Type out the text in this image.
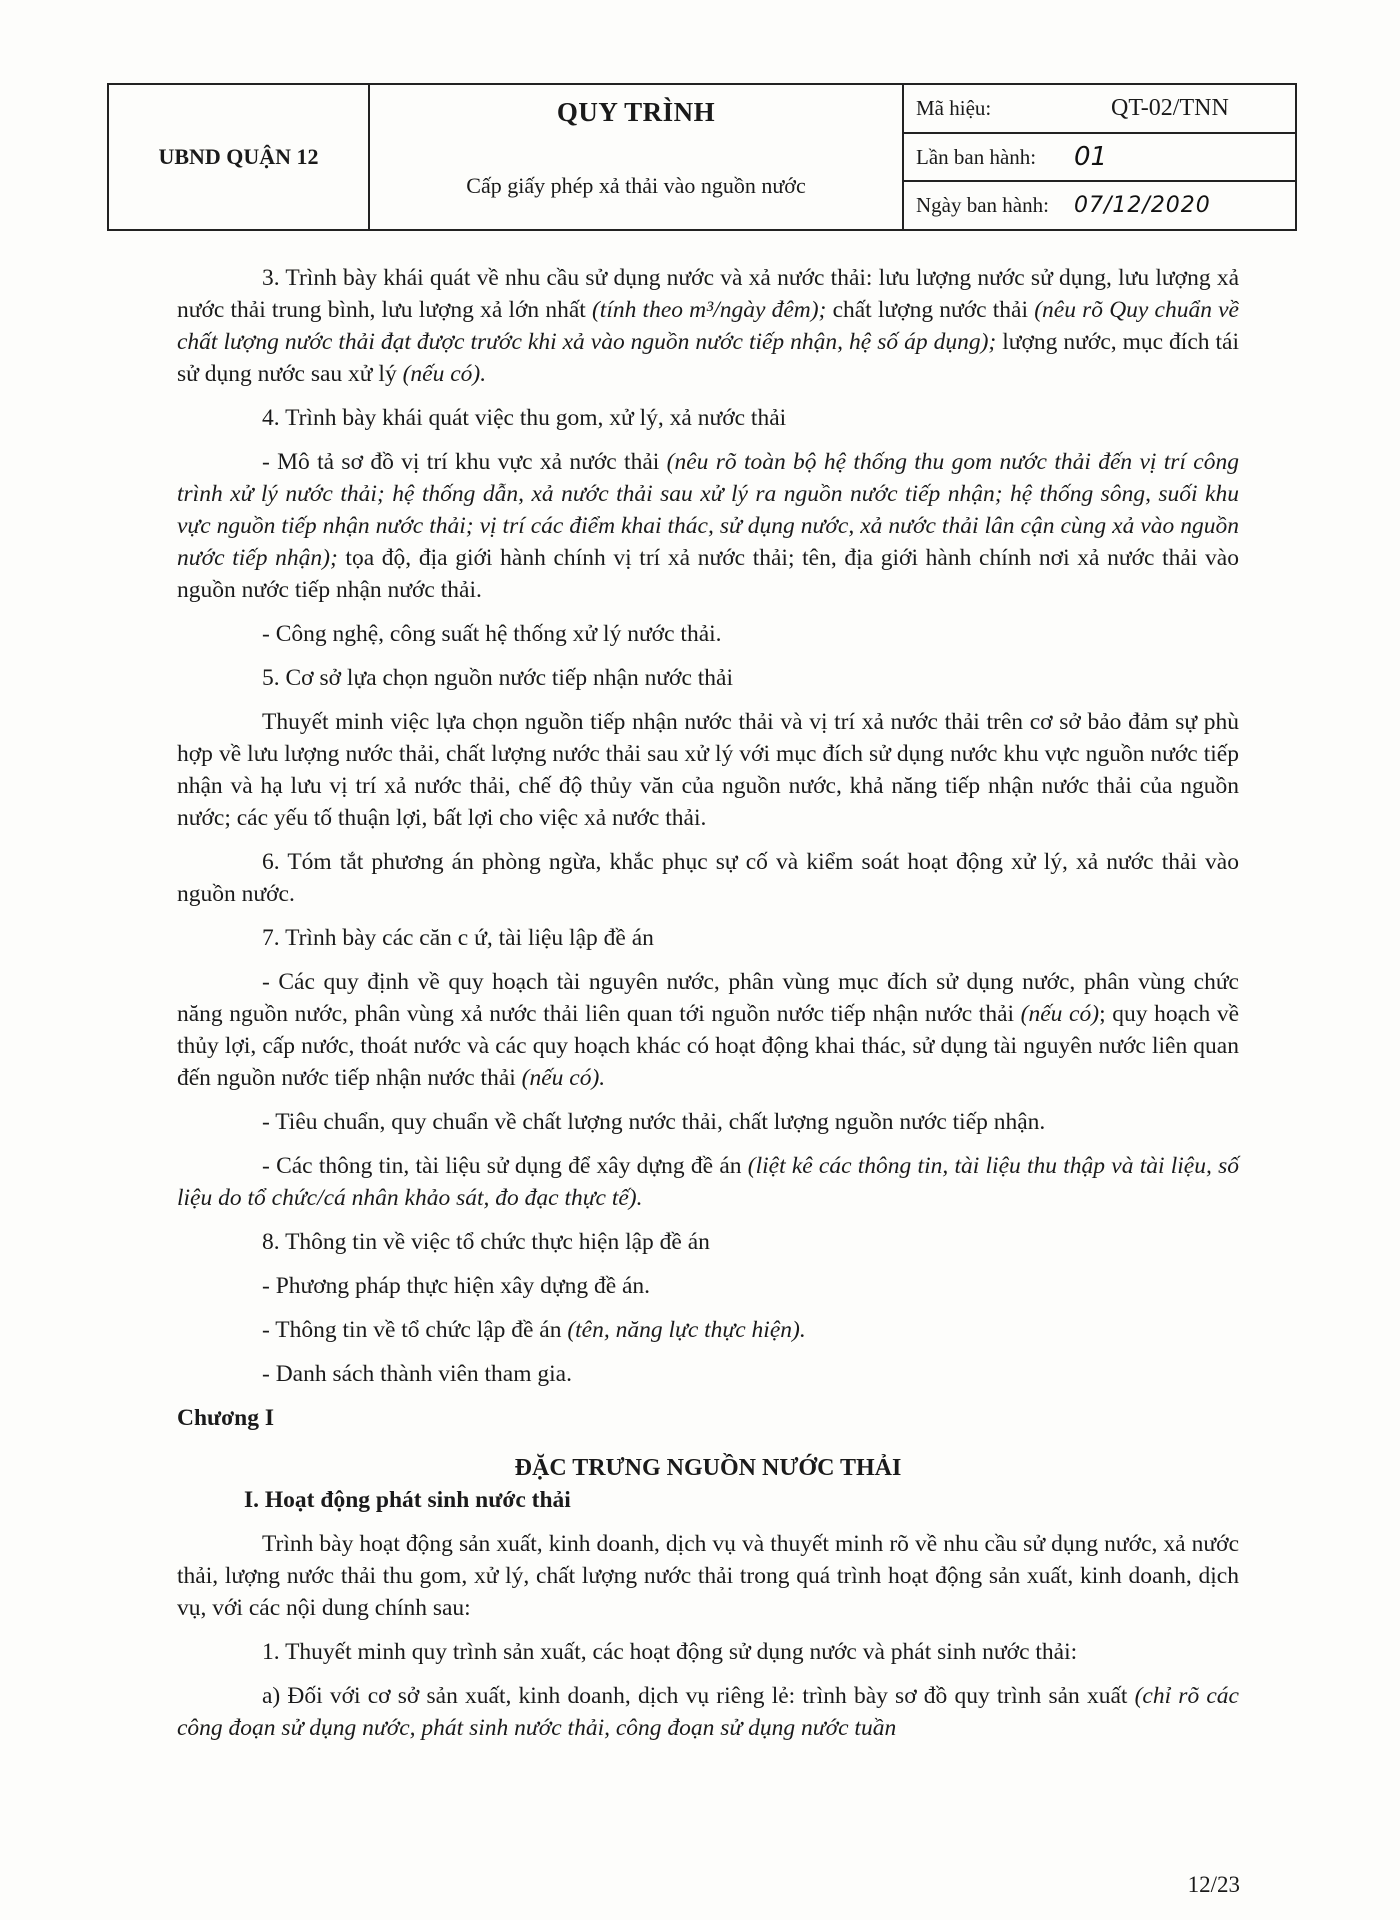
UBND QUẬN 12
QUY TRÌNH
Cấp giấy phép xả thải vào nguồn nước
Mã hiệu:	QT-02/TNN
Lần ban hành: 01
Ngày ban hành: 07/12/2020

3. Trình bày khái quát về nhu cầu sử dụng nước và xả nước thải: lưu lượng nước sử dụng, lưu lượng xả nước thải trung bình, lưu lượng xả lớn nhất (tính theo m³/ngày đêm); chất lượng nước thải (nêu rõ Quy chuẩn về chất lượng nước thải đạt được trước khi xả vào nguồn nước tiếp nhận, hệ số áp dụng); lượng nước, mục đích tái sử dụng nước sau xử lý (nếu có).

4. Trình bày khái quát việc thu gom, xử lý, xả nước thải

- Mô tả sơ đồ vị trí khu vực xả nước thải (nêu rõ toàn bộ hệ thống thu gom nước thải đến vị trí công trình xử lý nước thải; hệ thống dẫn, xả nước thải sau xử lý ra nguồn nước tiếp nhận; hệ thống sông, suối khu vực nguồn tiếp nhận nước thải; vị trí các điểm khai thác, sử dụng nước, xả nước thải lân cận cùng xả vào nguồn nước tiếp nhận); tọa độ, địa giới hành chính vị trí xả nước thải; tên, địa giới hành chính nơi xả nước thải vào nguồn nước tiếp nhận nước thải.

- Công nghệ, công suất hệ thống xử lý nước thải.

5. Cơ sở lựa chọn nguồn nước tiếp nhận nước thải

Thuyết minh việc lựa chọn nguồn tiếp nhận nước thải và vị trí xả nước thải trên cơ sở bảo đảm sự phù hợp về lưu lượng nước thải, chất lượng nước thải sau xử lý với mục đích sử dụng nước khu vực nguồn nước tiếp nhận và hạ lưu vị trí xả nước thải, chế độ thủy văn của nguồn nước, khả năng tiếp nhận nước thải của nguồn nước; các yếu tố thuận lợi, bất lợi cho việc xả nước thải.

6. Tóm tắt phương án phòng ngừa, khắc phục sự cố và kiểm soát hoạt động xử lý, xả nước thải vào nguồn nước.

7. Trình bày các căn c ứ, tài liệu lập đề án

- Các quy định về quy hoạch tài nguyên nước, phân vùng mục đích sử dụng nước, phân vùng chức năng nguồn nước, phân vùng xả nước thải liên quan tới nguồn nước tiếp nhận nước thải (nếu có); quy hoạch về thủy lợi, cấp nước, thoát nước và các quy hoạch khác có hoạt động khai thác, sử dụng tài nguyên nước liên quan đến nguồn nước tiếp nhận nước thải (nếu có).

- Tiêu chuẩn, quy chuẩn về chất lượng nước thải, chất lượng nguồn nước tiếp nhận.

- Các thông tin, tài liệu sử dụng để xây dựng đề án (liệt kê các thông tin, tài liệu thu thập và tài liệu, số liệu do tổ chức/cá nhân khảo sát, đo đạc thực tế).

8. Thông tin về việc tổ chức thực hiện lập đề án

- Phương pháp thực hiện xây dựng đề án.

- Thông tin về tổ chức lập đề án (tên, năng lực thực hiện).

- Danh sách thành viên tham gia.

Chương I

ĐẶC TRƯNG NGUỒN NƯỚC THẢI

I. Hoạt động phát sinh nước thải

Trình bày hoạt động sản xuất, kinh doanh, dịch vụ và thuyết minh rõ về nhu cầu sử dụng nước, xả nước thải, lượng nước thải thu gom, xử lý, chất lượng nước thải trong quá trình hoạt động sản xuất, kinh doanh, dịch vụ, với các nội dung chính sau:

1. Thuyết minh quy trình sản xuất, các hoạt động sử dụng nước và phát sinh nước thải:

a) Đối với cơ sở sản xuất, kinh doanh, dịch vụ riêng lẻ: trình bày sơ đồ quy trình sản xuất (chỉ rõ các công đoạn sử dụng nước, phát sinh nước thải, công đoạn sử dụng nước tuần

12/23
